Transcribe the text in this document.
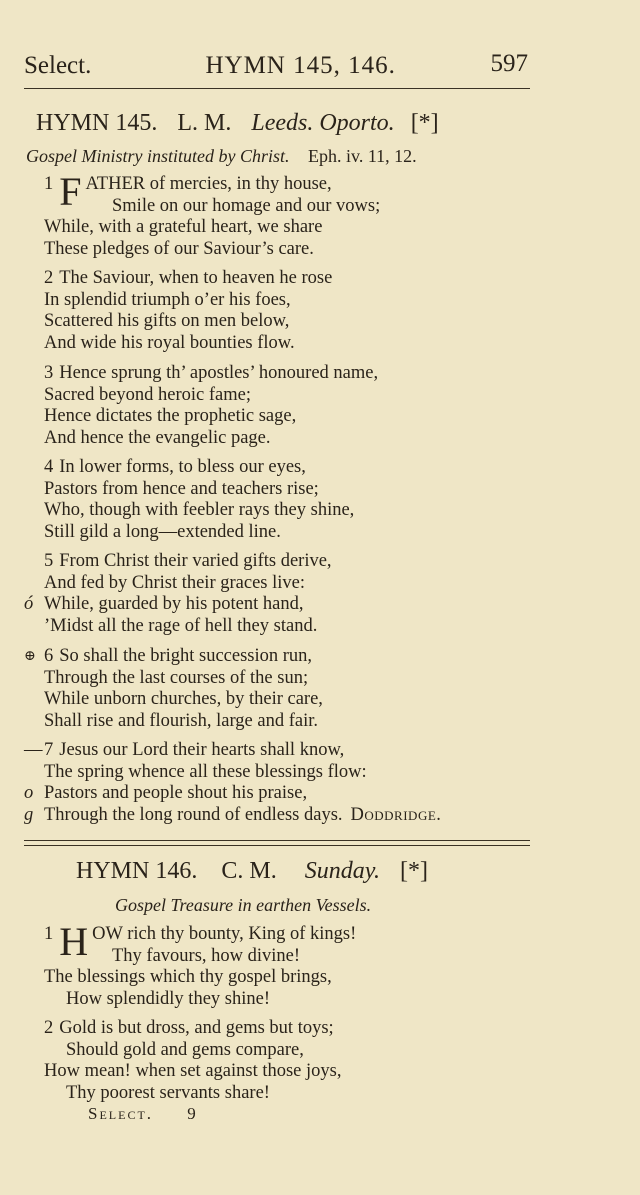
Select.	HYMN 145, 146.	597
HYMN 145. L. M. Leeds. Oporto. [*]
Gospel Ministry instituted by Christ. Eph. iv. 11, 12.
1 F ATHER of mercies, in thy house,
Smile on our homage and our vows;
While, with a grateful heart, we share
These pledges of our Saviour’s care.
2 The Saviour, when to heaven he rose
In splendid triumph o’er his foes,
Scattered his gifts on men below,
And wide his royal bounties flow.
3 Hence sprung th’ apostles’ honoured name,
Sacred beyond heroic fame;
Hence dictates the prophetic sage,
And hence the evangelic page.
4 In lower forms, to bless our eyes,
Pastors from hence and teachers rise;
Who, though with feebler rays they shine,
Still gild a long—extended line.
5 From Christ their varied gifts derive,
And fed by Christ their graces live:
ó While, guarded by his potent hand,
’Midst all the rage of hell they stand.
⊕ 6 So shall the bright succession run,
Through the last courses of the sun;
While unborn churches, by their care,
Shall rise and flourish, large and fair.
— 7 Jesus our Lord their hearts shall know,
The spring whence all these blessings flow:
o Pastors and people shout his praise,
g Through the long round of endless days. Doddridge.
HYMN 146. C. M. Sunday. [*]
Gospel Treasure in earthen Vessels.
1 H OW rich thy bounty, King of kings!
Thy favours, how divine!
The blessings which thy gospel brings,
How splendidly they shine!
2 Gold is but dross, and gems but toys;
Should gold and gems compare,
How mean! when set against those joys,
Thy poorest servants share!
Select. 9
